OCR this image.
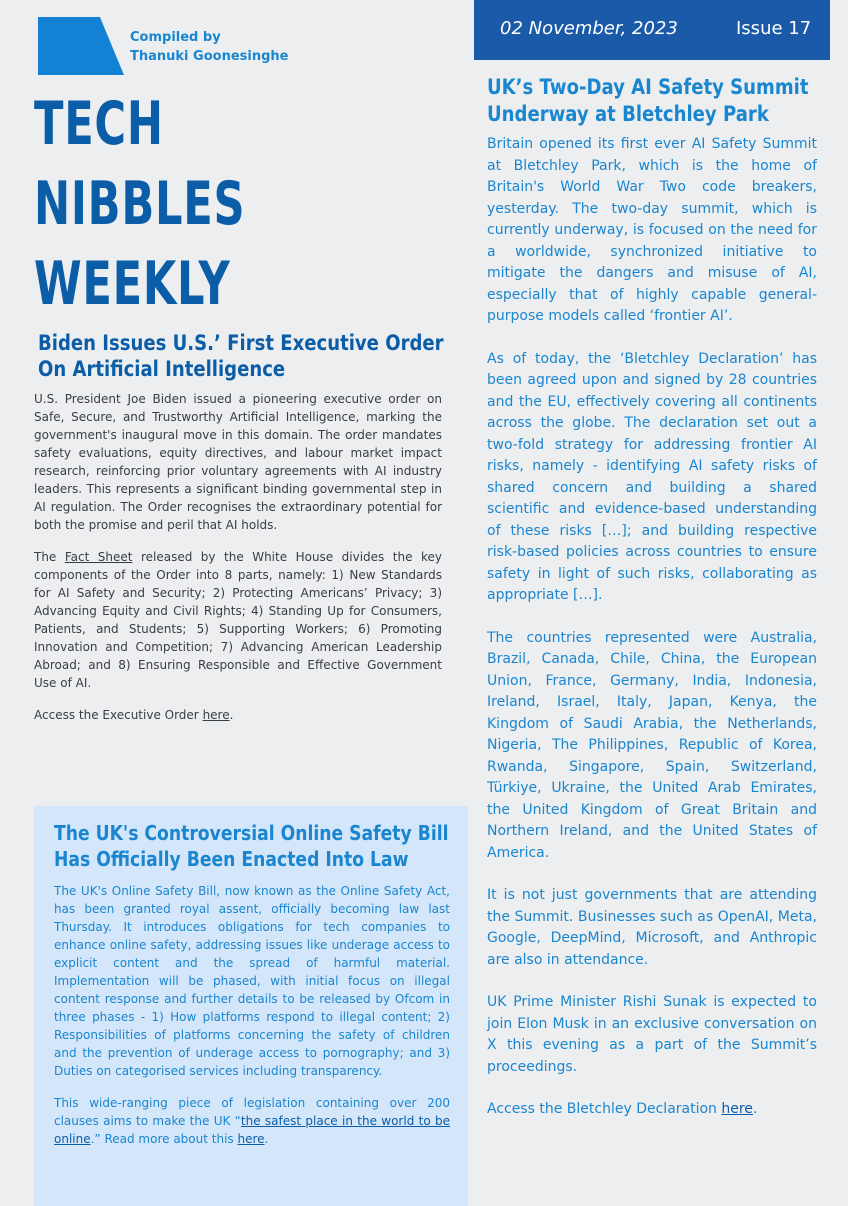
Compiled by
Thanuki Goonesinghe
TECH
NIBBLES
WEEKLY
02 November, 2023	Issue 17
Biden Issues U.S.’ First Executive Order
On Artificial Intelligence

U.S. President Joe Biden issued a pioneering executive order on Safe, Secure, and Trustworthy Artificial Intelligence, marking the government's inaugural move in this domain. The order mandates safety evaluations, equity directives, and labour market impact research, reinforcing prior voluntary agreements with AI industry leaders. This represents a significant binding governmental step in AI regulation. The Order recognises the extraordinary potential for both the promise and peril that AI holds.

The Fact Sheet released by the White House divides the key components of the Order into 8 parts, namely: 1) New Standards for AI Safety and Security; 2) Protecting Americans’ Privacy; 3) Advancing Equity and Civil Rights; 4) Standing Up for Consumers, Patients, and Students; 5) Supporting Workers; 6) Promoting Innovation and Competition; 7) Advancing American Leadership Abroad; and 8) Ensuring Responsible and Effective Government Use of AI.

Access the Executive Order here.

The UK's Controversial Online Safety Bill
Has Officially Been Enacted Into Law

The UK's Online Safety Bill, now known as the Online Safety Act, has been granted royal assent, officially becoming law last Thursday. It introduces obligations for tech companies to enhance online safety, addressing issues like underage access to explicit content and the spread of harmful material. Implementation will be phased, with initial focus on illegal content response and further details to be released by Ofcom in three phases - 1) How platforms respond to illegal content; 2) Responsibilities of platforms concerning the safety of children and the prevention of underage access to pornography; and 3) Duties on categorised services including transparency.

This wide-ranging piece of legislation containing over 200 clauses aims to make the UK “the safest place in the world to be online.” Read more about this here.

UK’s Two-Day AI Safety Summit
Underway at Bletchley Park

Britain opened its first ever AI Safety Summit at Bletchley Park, which is the home of Britain's World War Two code breakers, yesterday. The two-day summit, which is currently underway, is focused on the need for a worldwide, synchronized initiative to mitigate the dangers and misuse of AI, especially that of highly capable general-purpose models called ‘frontier AI’.

As of today, the ‘Bletchley Declaration’ has been agreed upon and signed by 28 countries and the EU, effectively covering all continents across the globe. The declaration set out a two-fold strategy for addressing frontier AI risks, namely - identifying AI safety risks of shared concern and building a shared scientific and evidence-based understanding of these risks […]; and building respective risk-based policies across countries to ensure safety in light of such risks, collaborating as appropriate […].

The countries represented were Australia, Brazil, Canada, Chile, China, the European Union, France, Germany, India, Indonesia, Ireland, Israel, Italy, Japan, Kenya, the Kingdom of Saudi Arabia, the Netherlands, Nigeria, The Philippines, Republic of Korea, Rwanda, Singapore, Spain, Switzerland, Türkiye, Ukraine, the United Arab Emirates, the United Kingdom of Great Britain and Northern Ireland, and the United States of America.

It is not just governments that are attending the Summit. Businesses such as OpenAI, Meta, Google, DeepMind, Microsoft, and Anthropic are also in attendance.

UK Prime Minister Rishi Sunak is expected to join Elon Musk in an exclusive conversation on X this evening as a part of the Summit’s proceedings.

Access the Bletchley Declaration here.
